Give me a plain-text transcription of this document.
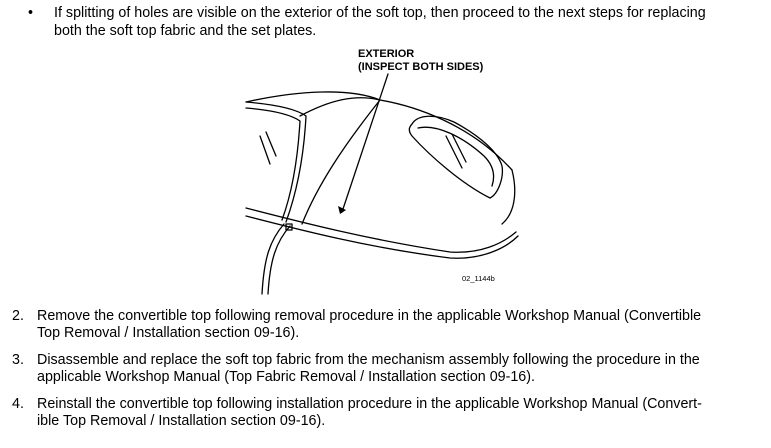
•	If splitting of holes are visible on the exterior of the soft top, then proceed to the next steps for replacing
both the soft top fabric and the set plates.
EXTERIOR
(INSPECT BOTH SIDES)
02_1144b
2. Remove the convertible top following removal procedure in the applicable Workshop Manual (Convertible
Top Removal / Installation section 09-16).
3. Disassemble and replace the soft top fabric from the mechanism assembly following the procedure in the
applicable Workshop Manual (Top Fabric Removal / Installation section 09-16).
4. Reinstall the convertible top following installation procedure in the applicable Workshop Manual (Convert-
ible Top Removal / Installation section 09-16).
